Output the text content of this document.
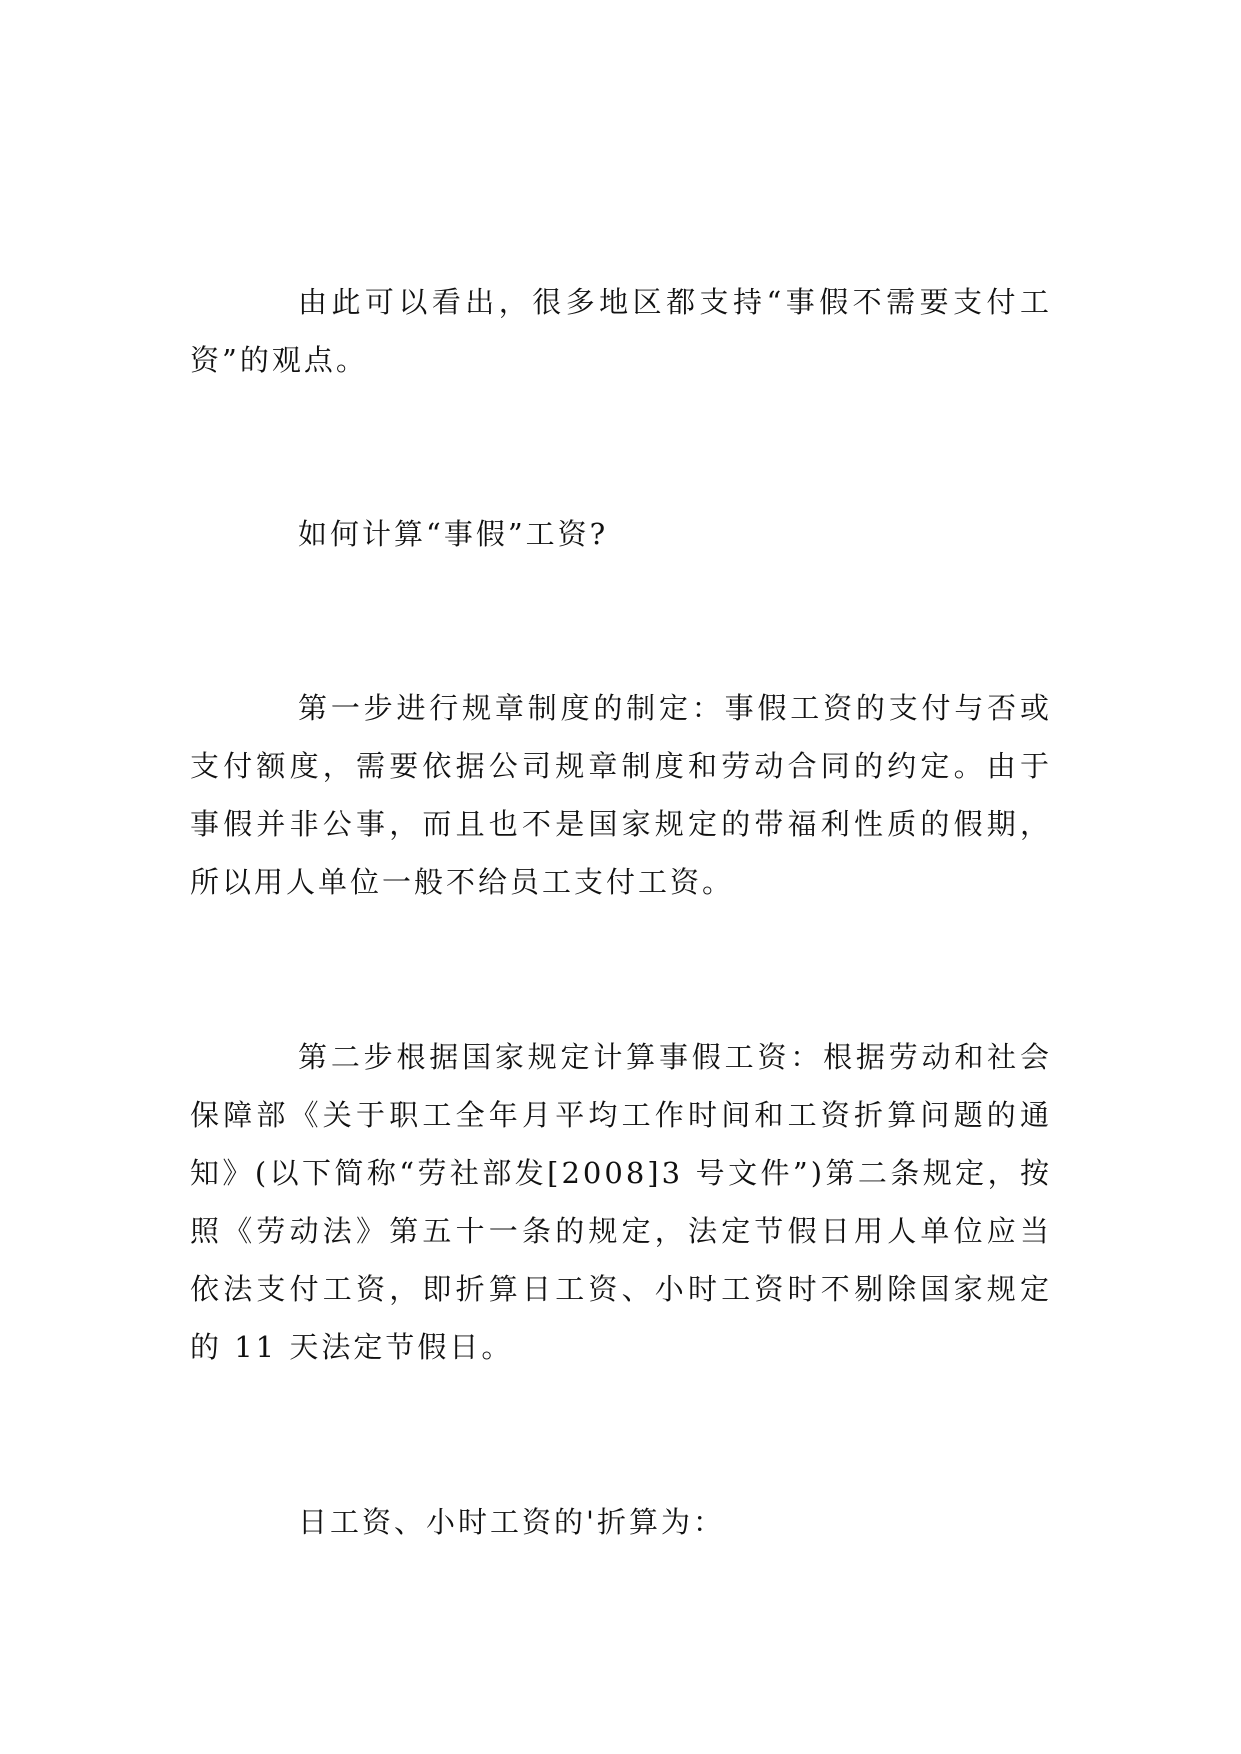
由此可以看出，很多地区都支持“事假不需要支付工资”的观点。

如何计算“事假”工资?

第一步进行规章制度的制定：事假工资的支付与否或支付额度，需要依据公司规章制度和劳动合同的约定。由于事假并非公事，而且也不是国家规定的带福利性质的假期，所以用人单位一般不给员工支付工资。

第二步根据国家规定计算事假工资：根据劳动和社会保障部《关于职工全年月平均工作时间和工资折算问题的通知》(以下简称“劳社部发[2008]3 号文件”)第二条规定，按照《劳动法》第五十一条的规定，法定节假日用人单位应当依法支付工资，即折算日工资、小时工资时不剔除国家规定的 11 天法定节假日。

日工资、小时工资的'折算为：
